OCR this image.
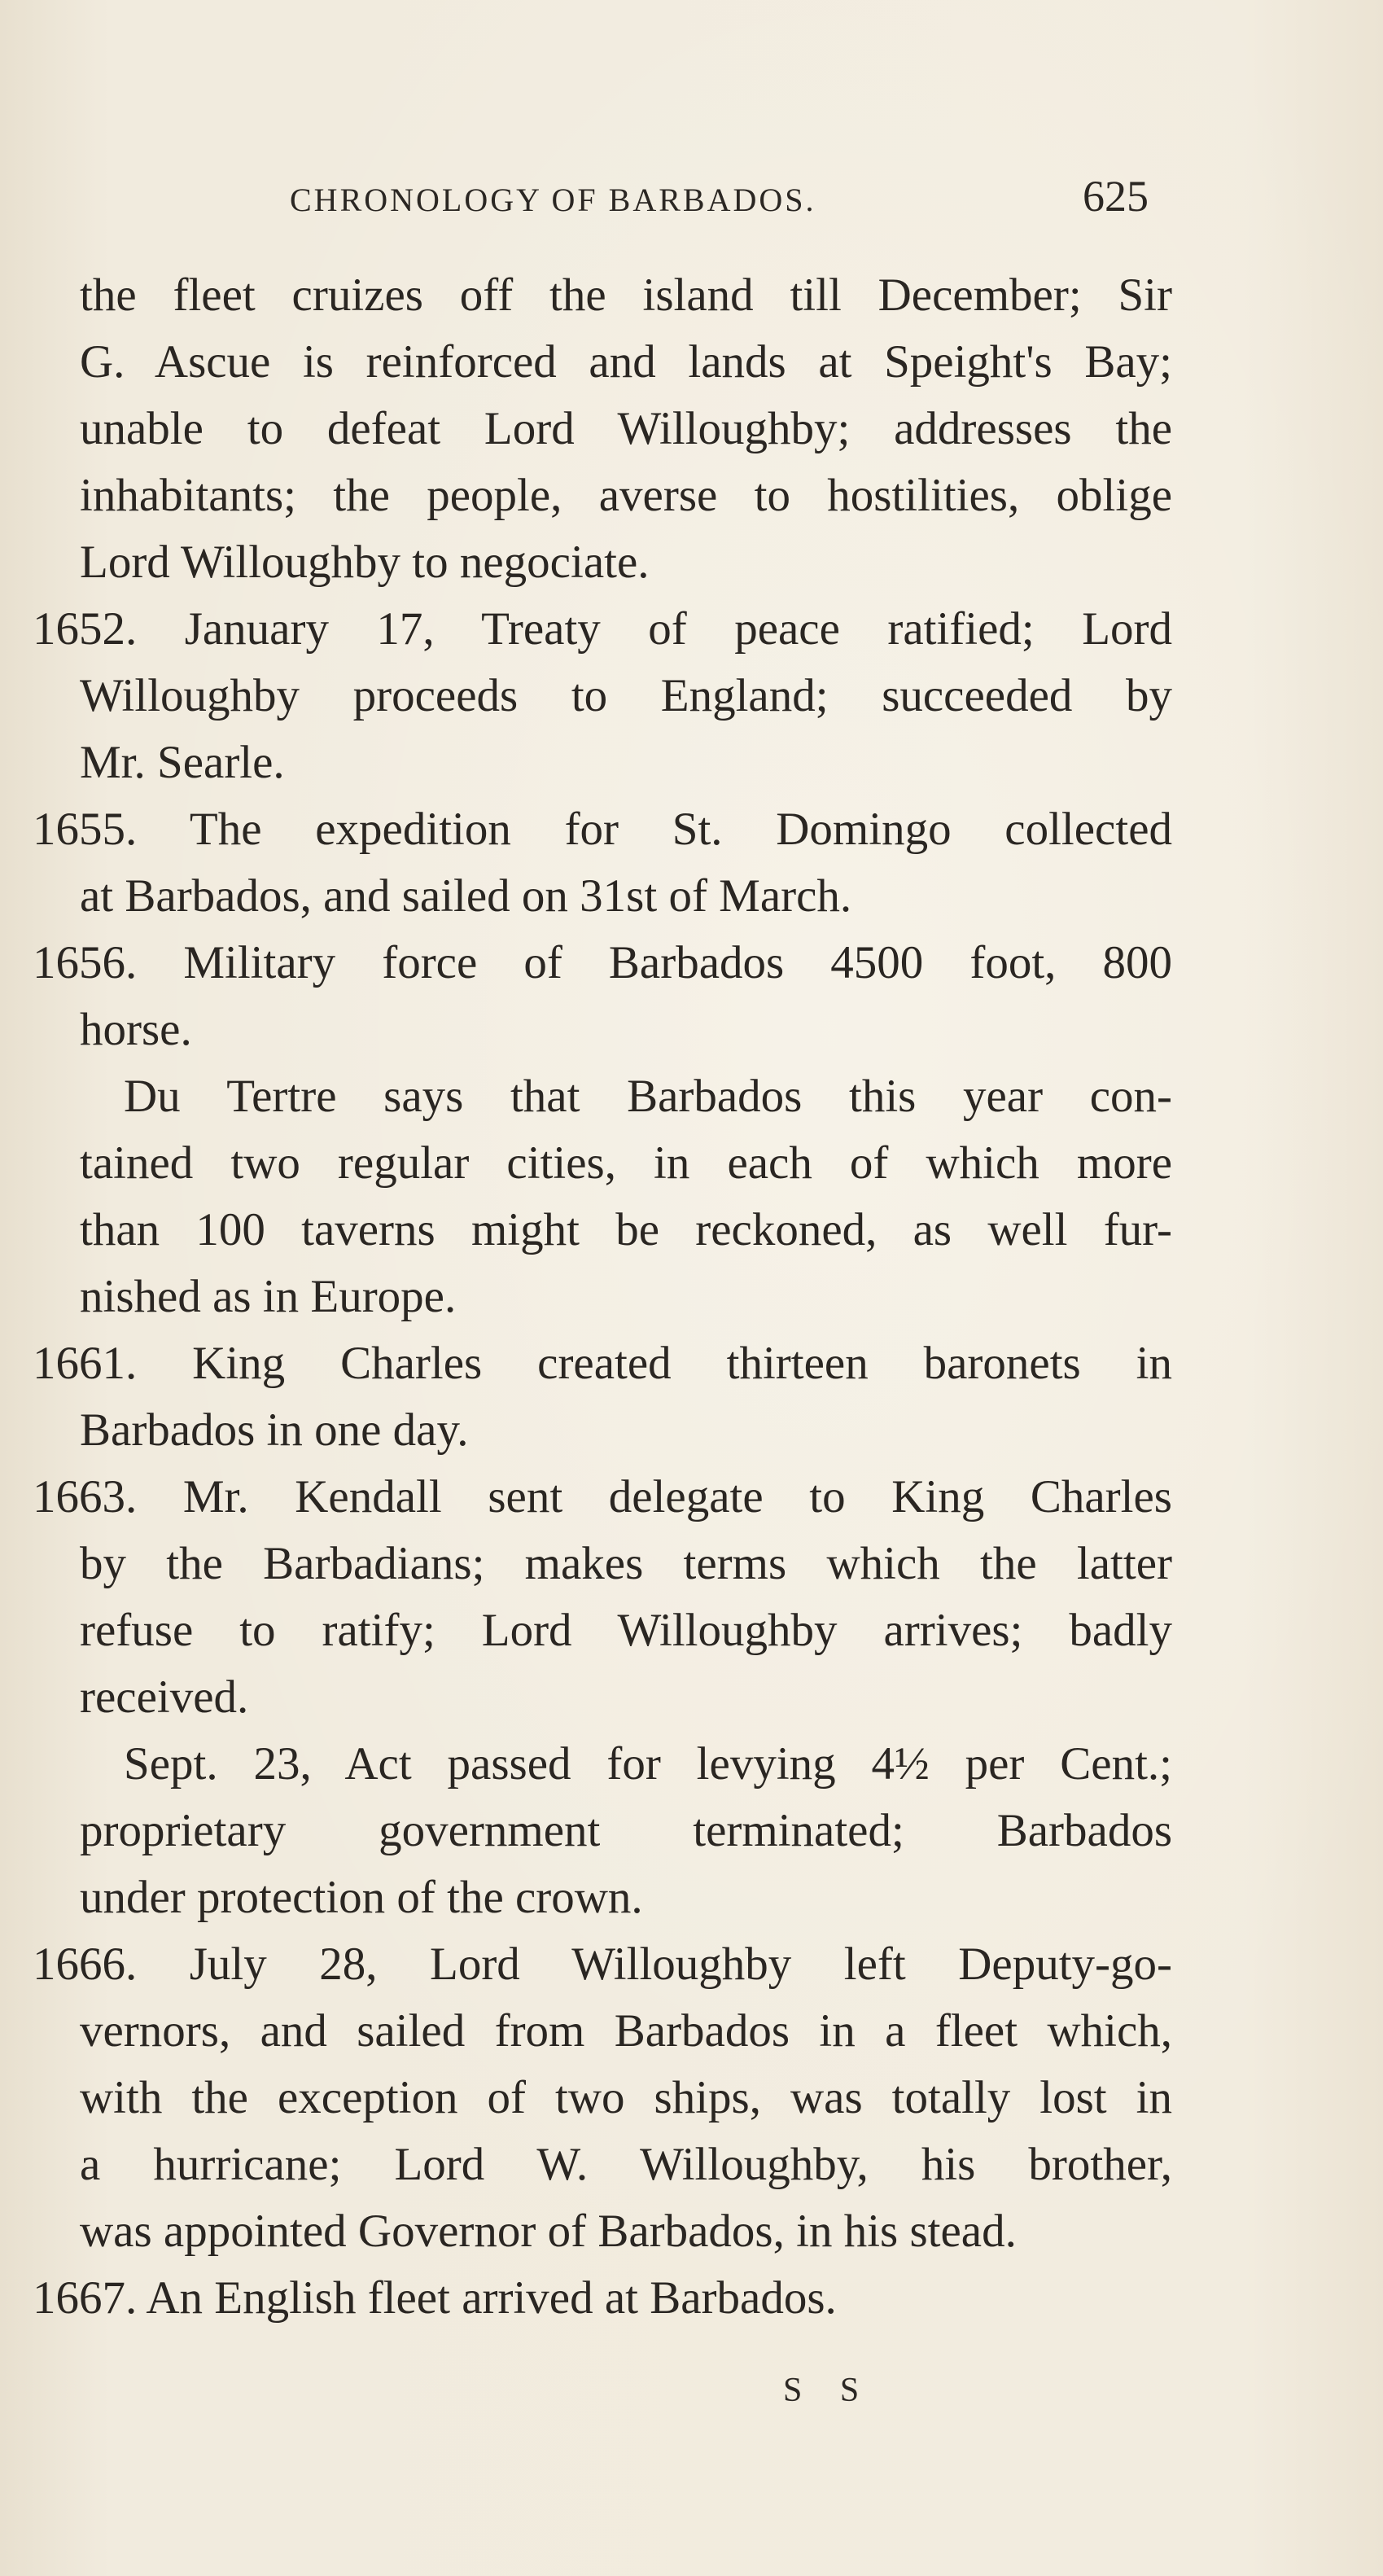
CHRONOLOGY OF BARBADOS.	625
the fleet cruizes off the island till December; Sir
G. Ascue is reinforced and lands at Speight's Bay;
unable to defeat Lord Willoughby; addresses the
inhabitants; the people, averse to hostilities, oblige
Lord Willoughby to negociate.
1652. January 17, Treaty of peace ratified; Lord
Willoughby proceeds to England; succeeded by
Mr. Searle.
1655. The expedition for St. Domingo collected
at Barbados, and sailed on 31st of March.
1656. Military force of Barbados 4500 foot, 800
horse.
Du Tertre says that Barbados this year con-
tained two regular cities, in each of which more
than 100 taverns might be reckoned, as well fur-
nished as in Europe.
1661. King Charles created thirteen baronets in
Barbados in one day.
1663. Mr. Kendall sent delegate to King Charles
by the Barbadians; makes terms which the latter
refuse to ratify; Lord Willoughby arrives; badly
received.
Sept. 23, Act passed for levying 4½ per Cent.;
proprietary government terminated; Barbados
under protection of the crown.
1666. July 28, Lord Willoughby left Deputy-go-
vernors, and sailed from Barbados in a fleet which,
with the exception of two ships, was totally lost in
a hurricane; Lord W. Willoughby, his brother,
was appointed Governor of Barbados, in his stead.
1667. An English fleet arrived at Barbados.
S S
